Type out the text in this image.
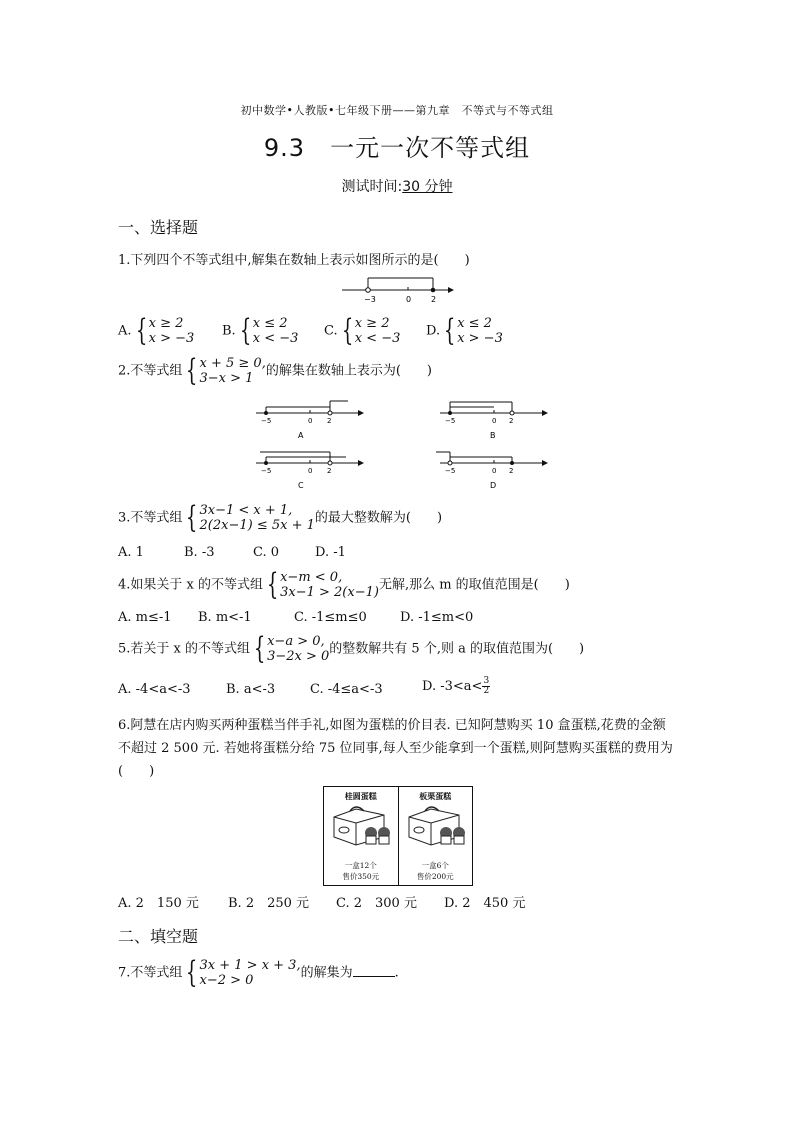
初中数学•人教版•七年级下册——第九章　不等式与不等式组
9.3　一元一次不等式组
测试时间:30 分钟
一、选择题
1.下列四个不等式组中,解集在数轴上表示如图所示的是(　　)
−3	0 2
A. { x ≥ 2
x > −3 B. { x ≤ 2
x < −3 C. { x ≥ 2
x < −3 D. { x ≤ 2
x > −3
2.不等式组 { x + 5 ≥ 0,
3−x > 1 的解集在数轴上表示为(　　)
−5	0 2
A
−5	0 2
B
−5	0 2
C
−5	0 2
D
3.不等式组 { 3x−1 < x + 1,
2(2x−1) ≤ 5x + 1 的最大整数解为(　　)
A. 1	B. -3	C. 0	D. -1
4.如果关于 x 的不等式组 { x−m < 0,
3x−1 > 2(x−1) 无解,那么 m 的取值范围是(　　)
A. m≤-1 B. m<-1	C. -1≤m≤0	D. -1≤m<0
5.若关于 x 的不等式组 { x−a > 0,
3−2x > 0 的整数解共有 5 个,则 a 的取值范围为(　　)
A. -4<a<-3	B. a<-3	C. -4≤a<-3	D. $-3<a< \frac{3}{2}$
6.阿慧在店内购买两种蛋糕当伴手礼,如图为蛋糕的价目表. 已知阿慧购买 10 盒蛋糕,花费的金额不超过 2 500 元. 若她将蛋糕分给 75 位同事,每人至少能拿到一个蛋糕,则阿慧购买蛋糕的费用为(　　)
桂圆蛋糕
一盒12个
售价350元
板栗蛋糕
一盒6个
售价200元
A. 2　150 元 B. 2　250 元 C. 2　300 元 D. 2　450 元
二、填空题
7.不等式组 { 3x + 1 > x + 3,
x−2 > 0	的解集为	.
